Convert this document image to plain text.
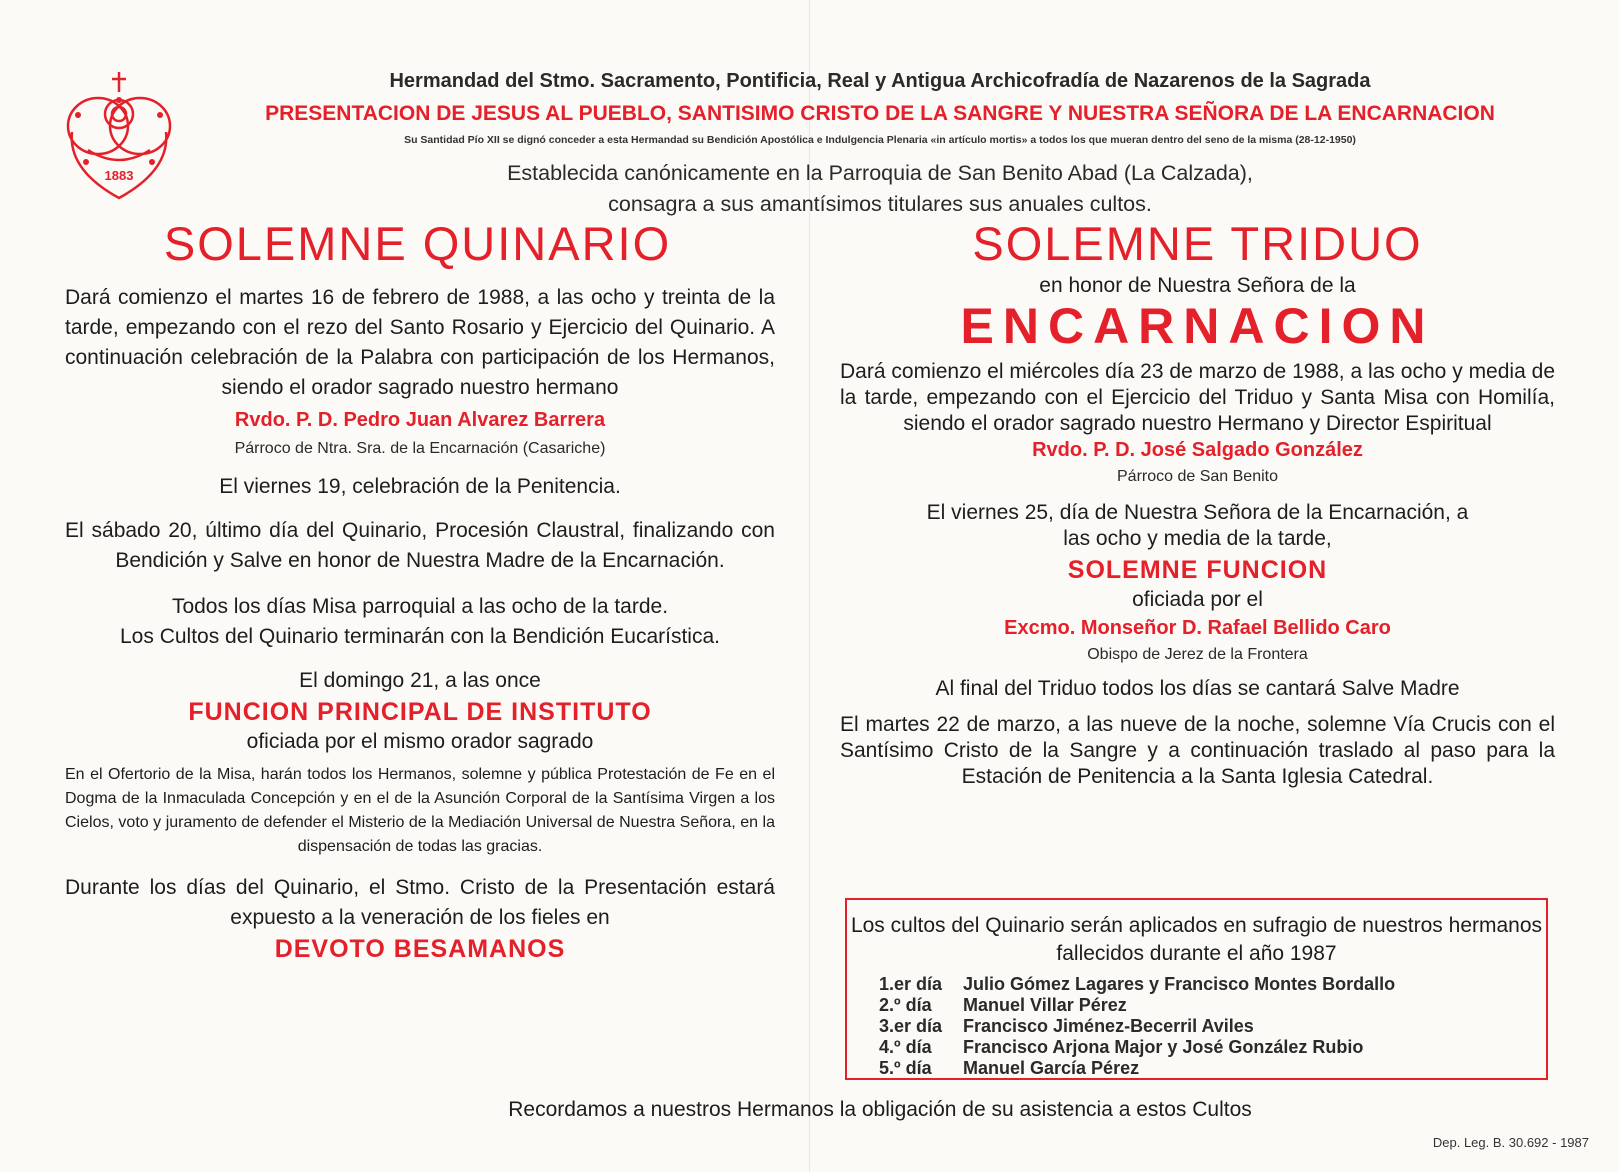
1883
Hermandad del Stmo. Sacramento, Pontificia, Real y Antigua Archicofradía de Nazarenos de la Sagrada
PRESENTACION DE JESUS AL PUEBLO, SANTISIMO CRISTO DE LA SANGRE Y NUESTRA SEÑORA DE LA ENCARNACION
Su Santidad Pío XII se dignó conceder a esta Hermandad su Bendición Apostólica e Indulgencia Plenaria «in artículo mortis» a todos los que mueran dentro del seno de la misma (28-12-1950)
Establecida canónicamente en la Parroquia de San Benito Abad (La Calzada),
consagra a sus amantísimos titulares sus anuales cultos.
SOLEMNE QUINARIO

Dará comienzo el martes 16 de febrero de 1988, a las ocho y treinta de la tarde, empezando con el rezo del Santo Rosario y Ejercicio del Quinario. A continuación celebración de la Palabra con participación de los Hermanos, siendo el orador sagrado nuestro hermano

Rvdo. P. D. Pedro Juan Alvarez Barrera
Párroco de Ntra. Sra. de la Encarnación (Casariche)

El viernes 19, celebración de la Penitencia.

El sábado 20, último día del Quinario, Procesión Claustral, finalizando con Bendición y Salve en honor de Nuestra Madre de la Encarnación.

Todos los días Misa parroquial a las ocho de la tarde.

Los Cultos del Quinario terminarán con la Bendición Eucarística.

El domingo 21, a las once

FUNCION PRINCIPAL DE INSTITUTO

oficiada por el mismo orador sagrado

En el Ofertorio de la Misa, harán todos los Hermanos, solemne y pública Protestación de Fe en el Dogma de la Inmaculada Concepción y en el de la Asunción Corporal de la Santísima Virgen a los Cielos, voto y juramento de defender el Misterio de la Mediación Universal de Nuestra Señora, en la dispensación de todas las gracias.

Durante los días del Quinario, el Stmo. Cristo de la Presentación estará expuesto a la veneración de los fieles en

DEVOTO BESAMANOS
SOLEMNE TRIDUO

en honor de Nuestra Señora de la

ENCARNACION

Dará comienzo el miércoles día 23 de marzo de 1988, a las ocho y media de la tarde, empezando con el Ejercicio del Triduo y Santa Misa con Homilía, siendo el orador sagrado nuestro Hermano y Director Espiritual

Rvdo. P. D. José Salgado González
Párroco de San Benito

El viernes 25, día de Nuestra Señora de la Encarnación, a las ocho y media de la tarde,

SOLEMNE FUNCION

oficiada por el

Excmo. Monseñor D. Rafael Bellido Caro
Obispo de Jerez de la Frontera

Al final del Triduo todos los días se cantará Salve Madre

El martes 22 de marzo, a las nueve de la noche, solemne Vía Crucis con el Santísimo Cristo de la Sangre y a continuación traslado al paso para la Estación de Penitencia a la Santa Iglesia Catedral.

Los cultos del Quinario serán aplicados en sufragio de nuestros hermanos fallecidos durante el año 1987
1.er día Julio Gómez Lagares y Francisco Montes Bordallo
2.º día Manuel Villar Pérez
3.er día Francisco Jiménez-Becerril Aviles
4.º día Francisco Arjona Major y José González Rubio
5.º día Manuel García Pérez
Recordamos a nuestros Hermanos la obligación de su asistencia a estos Cultos
Dep. Leg. B. 30.692 - 1987
